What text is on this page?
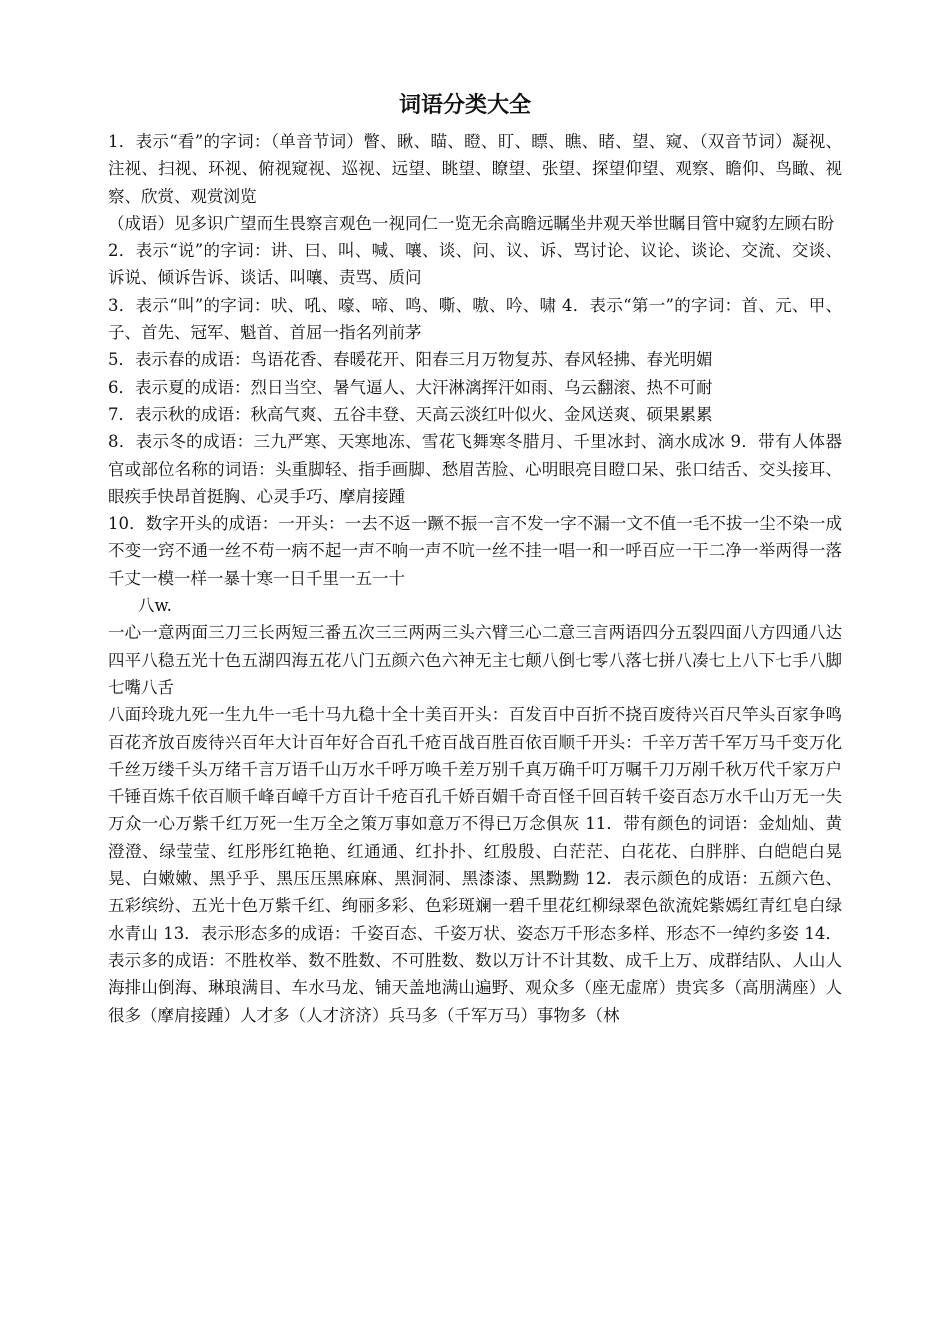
词语分类大全

1．表示“看”的字词：（单音节词）瞥、瞅、瞄、瞪、盯、瞟、瞧、睹、望、窥、（双音节词）凝视、注视、扫视、环视、俯视窥视、巡视、远望、眺望、瞭望、张望、探望仰望、观察、瞻仰、鸟瞰、视察、欣赏、观赏浏览

（成语）见多识广望而生畏察言观色一视同仁一览无余高瞻远瞩坐井观天举世瞩目管中窥豹左顾右盼

2．表示“说”的字词：讲、曰、叫、喊、嚷、谈、问、议、诉、骂讨论、议论、谈论、交流、交谈、诉说、倾诉告诉、谈话、叫嚷、责骂、质问

3．表示“叫”的字词：吠、吼、嚎、啼、鸣、嘶、嗷、吟、啸 4．表示“第一”的字词：首、元、甲、子、首先、冠军、魁首、首屈一指名列前茅

5．表示春的成语：鸟语花香、春暖花开、阳春三月万物复苏、春风轻拂、春光明媚

6．表示夏的成语：烈日当空、暑气逼人、大汗淋漓挥汗如雨、乌云翻滚、热不可耐

7．表示秋的成语：秋高气爽、五谷丰登、天高云淡红叶似火、金风送爽、硕果累累

8．表示冬的成语：三九严寒、天寒地冻、雪花飞舞寒冬腊月、千里冰封、滴水成冰 9．带有人体器官或部位名称的词语：头重脚轻、指手画脚、愁眉苦脸、心明眼亮目瞪口呆、张口结舌、交头接耳、眼疾手快昂首挺胸、心灵手巧、摩肩接踵

10．数字开头的成语：一开头：一去不返一蹶不振一言不发一字不漏一文不值一毛不拔一尘不染一成不变一窍不通一丝不苟一病不起一声不响一声不吭一丝不挂一唱一和一呼百应一干二净一举两得一落千丈一模一样一暴十寒一日千里一五一十

八w.

一心一意两面三刀三长两短三番五次三三两两三头六臂三心二意三言两语四分五裂四面八方四通八达四平八稳五光十色五湖四海五花八门五颜六色六神无主七颠八倒七零八落七拼八凑七上八下七手八脚七嘴八舌

八面玲珑九死一生九牛一毛十马九稳十全十美百开头：百发百中百折不挠百废待兴百尺竿头百家争鸣百花齐放百废待兴百年大计百年好合百孔千疮百战百胜百依百顺千开头：千辛万苦千军万马千变万化千丝万缕千头万绪千言万语千山万水千呼万唤千差万别千真万确千叮万嘱千刀万剐千秋万代千家万户千锤百炼千依百顺千峰百嶂千方百计千疮百孔千娇百媚千奇百怪千回百转千姿百态万水千山万无一失万众一心万紫千红万死一生万全之策万事如意万不得已万念俱灰 11．带有颜色的词语：金灿灿、黄澄澄、绿莹莹、红彤彤红艳艳、红通通、红扑扑、红殷殷、白茫茫、白花花、白胖胖、白皑皑白晃晃、白嫩嫩、黑乎乎、黑压压黑麻麻、黑洞洞、黑漆漆、黑黝黝 12．表示颜色的成语：五颜六色、五彩缤纷、五光十色万紫千红、绚丽多彩、色彩斑斓一碧千里花红柳绿翠色欲流姹紫嫣红青红皂白绿水青山 13．表示形态多的成语：千姿百态、千姿万状、姿态万千形态多样、形态不一绰约多姿 14．表示多的成语：不胜枚举、数不胜数、不可胜数、数以万计不计其数、成千上万、成群结队、人山人海排山倒海、琳琅满目、车水马龙、铺天盖地满山遍野、观众多（座无虚席）贵宾多（高朋满座）人很多（摩肩接踵）人才多（人才济济）兵马多（千军万马）事物多（林
